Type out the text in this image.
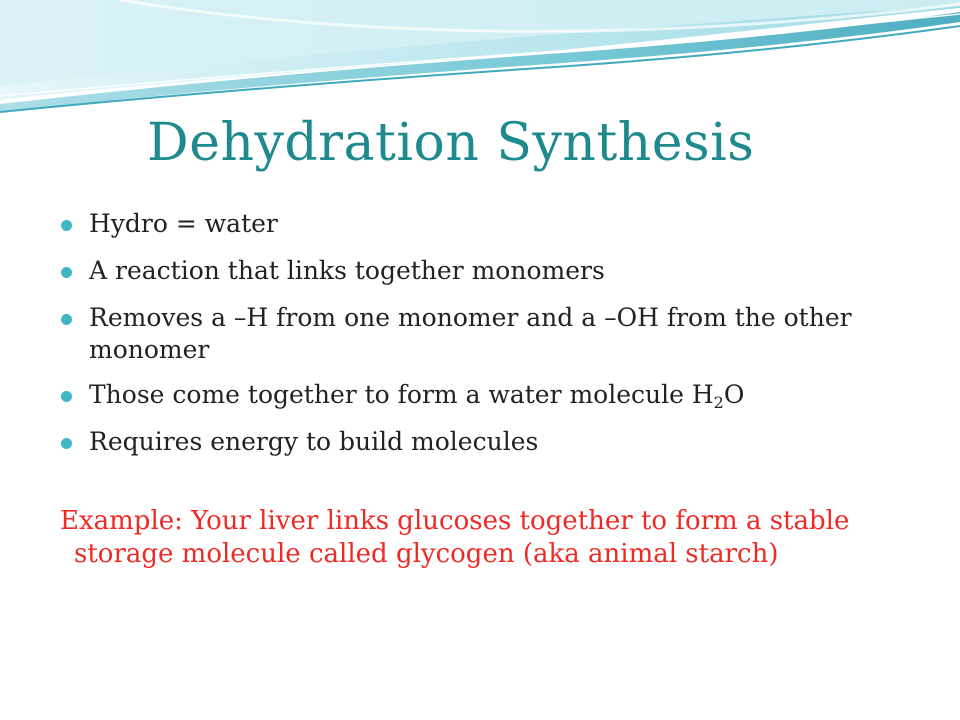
Dehydration Synthesis
Hydro = water
A reaction that links together monomers
Removes a –H from one monomer and a –OH from the other monomer
Those come together to form a water molecule $H_2O$
Requires energy to build molecules

Example: Your liver links glucoses together to form a stable storage molecule called glycogen (aka animal starch)
